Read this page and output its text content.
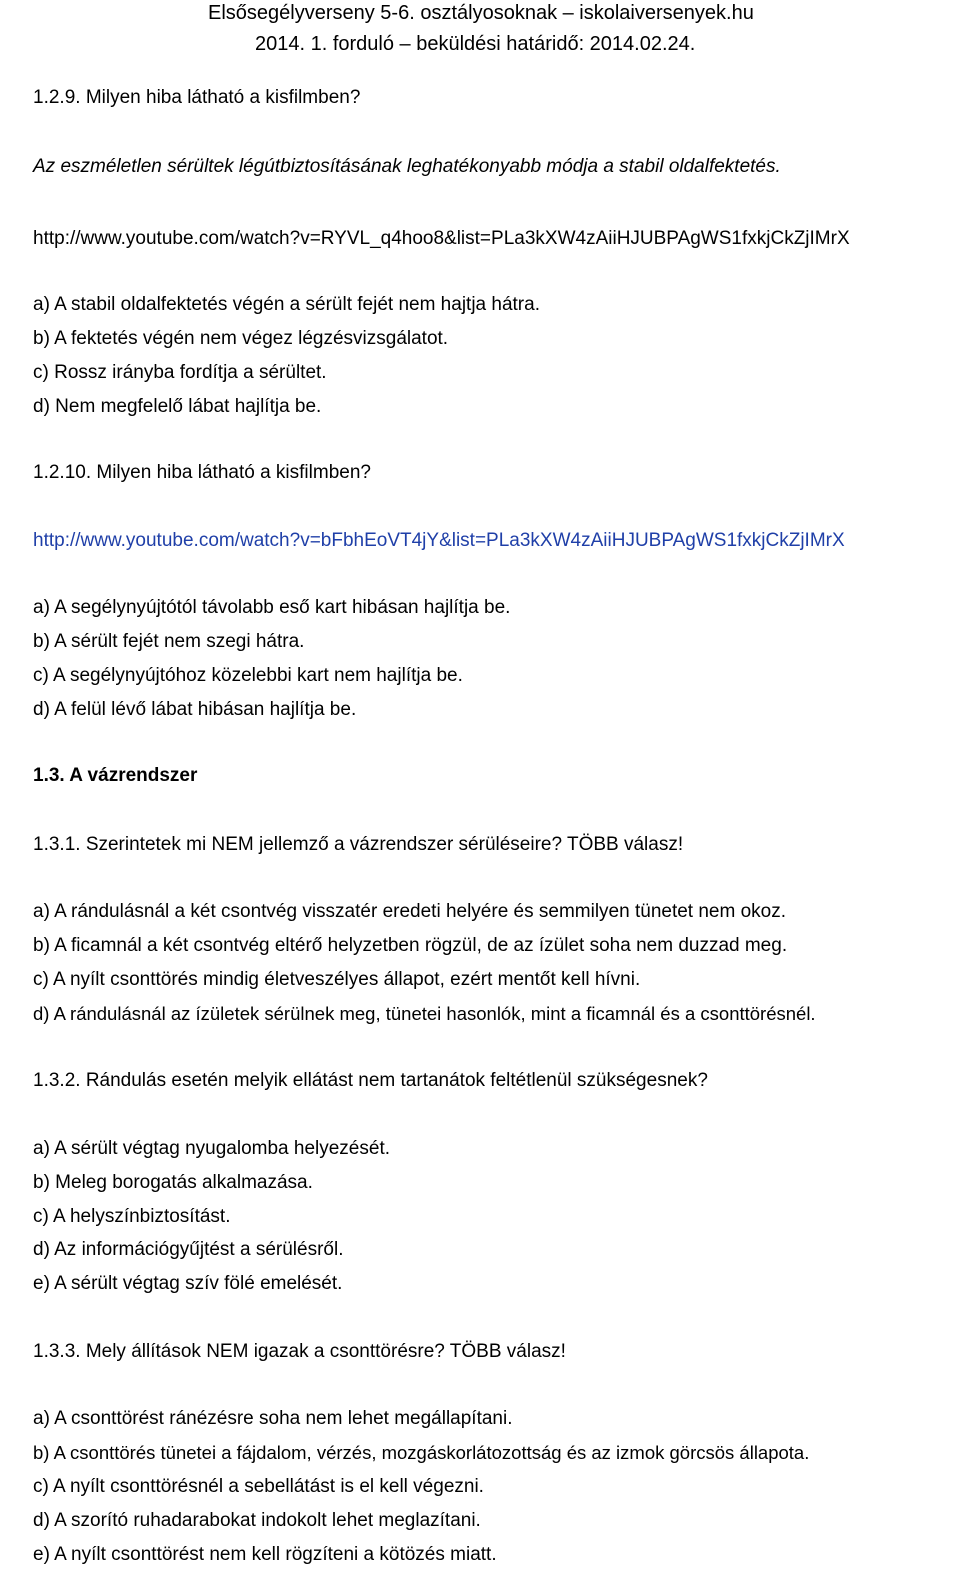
Elsősegélyverseny 5-6. osztályosoknak – iskolaiversenyek.hu
2014. 1. forduló – beküldési határidő: 2014.02.24.
1.2.9. Milyen hiba látható a kisfilmben?
Az eszméletlen sérültek légútbiztosításának leghatékonyabb módja a stabil oldalfektetés.
http://www.youtube.com/watch?v=RYVL_q4hoo8&list=PLa3kXW4zAiiHJUBPAgWS1fxkjCkZjIMrX
a) A stabil oldalfektetés végén a sérült fejét nem hajtja hátra.
b) A fektetés végén nem végez légzésvizsgálatot.
c) Rossz irányba fordítja a sérültet.
d) Nem megfelelő lábat hajlítja be.
1.2.10. Milyen hiba látható a kisfilmben?
http://www.youtube.com/watch?v=bFbhEoVT4jY&list=PLa3kXW4zAiiHJUBPAgWS1fxkjCkZjIMrX
a) A segélynyújtótól távolabb eső kart hibásan hajlítja be.
b) A sérült fejét nem szegi hátra.
c) A segélynyújtóhoz közelebbi kart nem hajlítja be.
d) A felül lévő lábat hibásan hajlítja be.
1.3. A vázrendszer
1.3.1. Szerintetek mi NEM jellemző a vázrendszer sérüléseire? TÖBB válasz!
a) A rándulásnál a két csontvég visszatér eredeti helyére és semmilyen tünetet nem okoz.
b) A ficamnál a két csontvég eltérő helyzetben rögzül, de az ízület soha nem duzzad meg.
c) A nyílt csonttörés mindig életveszélyes állapot, ezért mentőt kell hívni.
d) A rándulásnál az ízületek sérülnek meg, tünetei hasonlók, mint a ficamnál és a csonttörésnél.
1.3.2. Rándulás esetén melyik ellátást nem tartanátok feltétlenül szükségesnek?
a) A sérült végtag nyugalomba helyezését.
b) Meleg borogatás alkalmazása.
c) A helyszínbiztosítást.
d) Az információgyűjtést a sérülésről.
e) A sérült végtag szív fölé emelését.
1.3.3. Mely állítások NEM igazak a csonttörésre? TÖBB válasz!
a) A csonttörést ránézésre soha nem lehet megállapítani.
b) A csonttörés tünetei a fájdalom, vérzés, mozgáskorlátozottság és az izmok görcsös állapota.
c) A nyílt csonttörésnél a sebellátást is el kell végezni.
d) A szorító ruhadarabokat indokolt lehet meglazítani.
e) A nyílt csonttörést nem kell rögzíteni a kötözés miatt.
